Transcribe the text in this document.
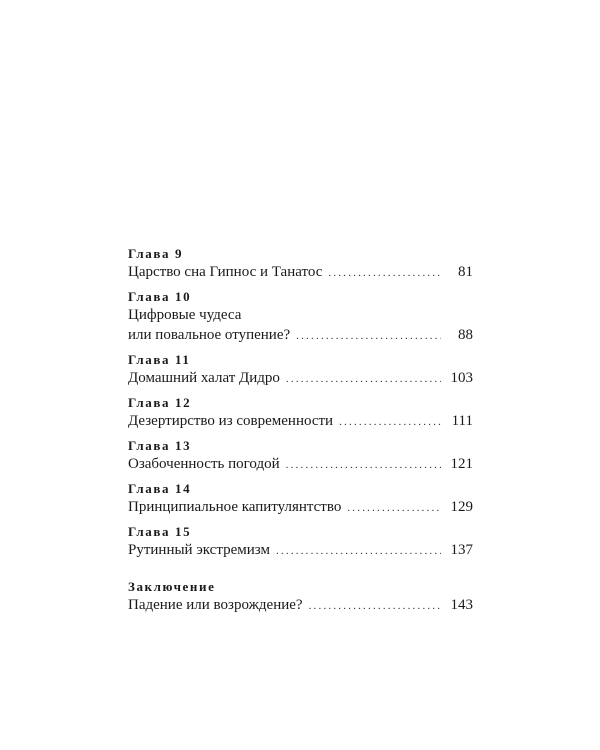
Глава 9
Царство сна Гипнос и Танатос .....	81
Глава 10
Цифровые чудеса
или повальное отупение? .....	88
Глава 11
Домашний халат Дидро .....	103
Глава 12
Дезертирство из современности .....	111
Глава 13
Озабоченность погодой .....	121
Глава 14
Принципиальное капитулянтство .....	129
Глава 15
Рутинный экстремизм .....	137
Заключение
Падение или возрождение? .....	143
